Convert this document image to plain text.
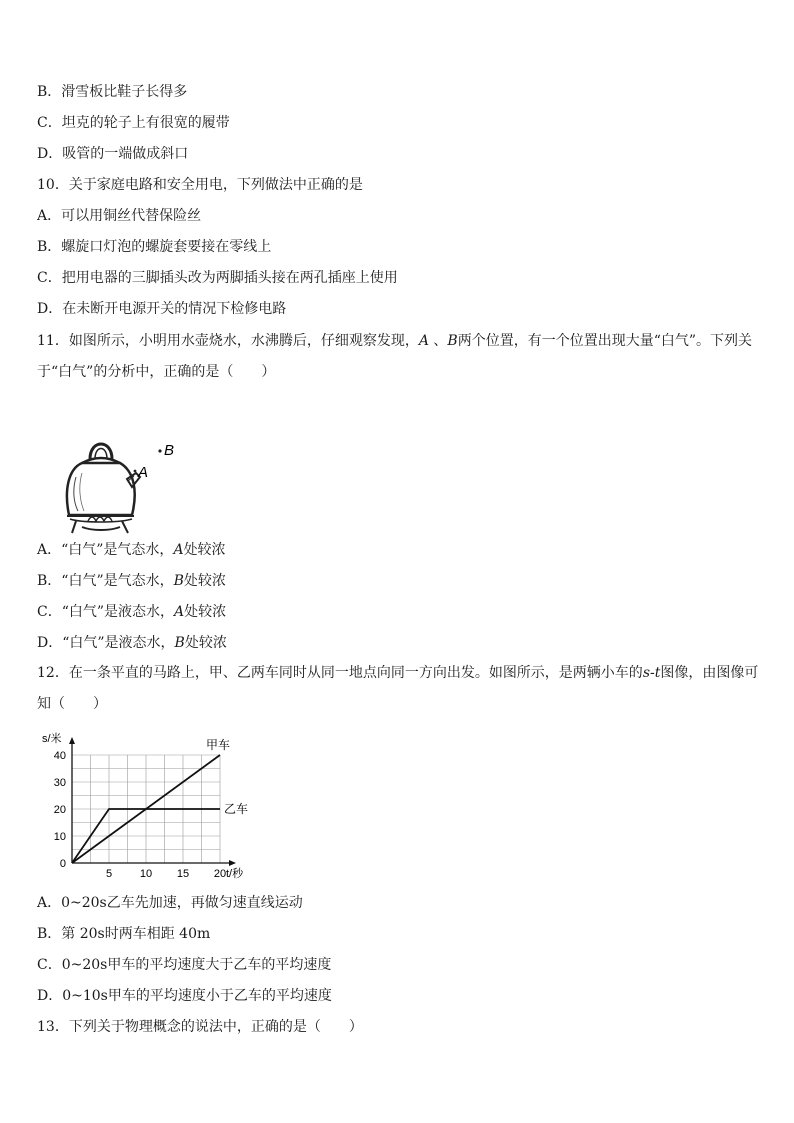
B．滑雪板比鞋子长得多
C．坦克的轮子上有很宽的履带
D．吸管的一端做成斜口
10．关于家庭电路和安全用电，下列做法中正确的是
A．可以用铜丝代替保险丝
B．螺旋口灯泡的螺旋套要接在零线上
C．把用电器的三脚插头改为两脚插头接在两孔插座上使用
D．在未断开电源开关的情况下检修电路
11．如图所示，小明用水壶烧水，水沸腾后，仔细观察发现，A 、B两个位置，有一个位置出现大量“白气”。下列关于“白气”的分析中，正确的是（　　）
B
A
A．“白气”是气态水，A处较浓
B．“白气”是气态水，B处较浓
C．“白气”是液态水，A处较浓
D．“白气”是液态水，B处较浓
12．在一条平直的马路上，甲、乙两车同时从同一地点向同一方向出发。如图所示，是两辆小车的s-t图像，由图像可知（　　）
5	10 15 20
0
10
20
30
40
t/秒
s/米	甲车
乙车
A．0~20s乙车先加速，再做匀速直线运动
B．第 20s时两车相距 40m
C．0~20s甲车的平均速度大于乙车的平均速度
D．0~10s甲车的平均速度小于乙车的平均速度
13．下列关于物理概念的说法中，正确的是（　　）
